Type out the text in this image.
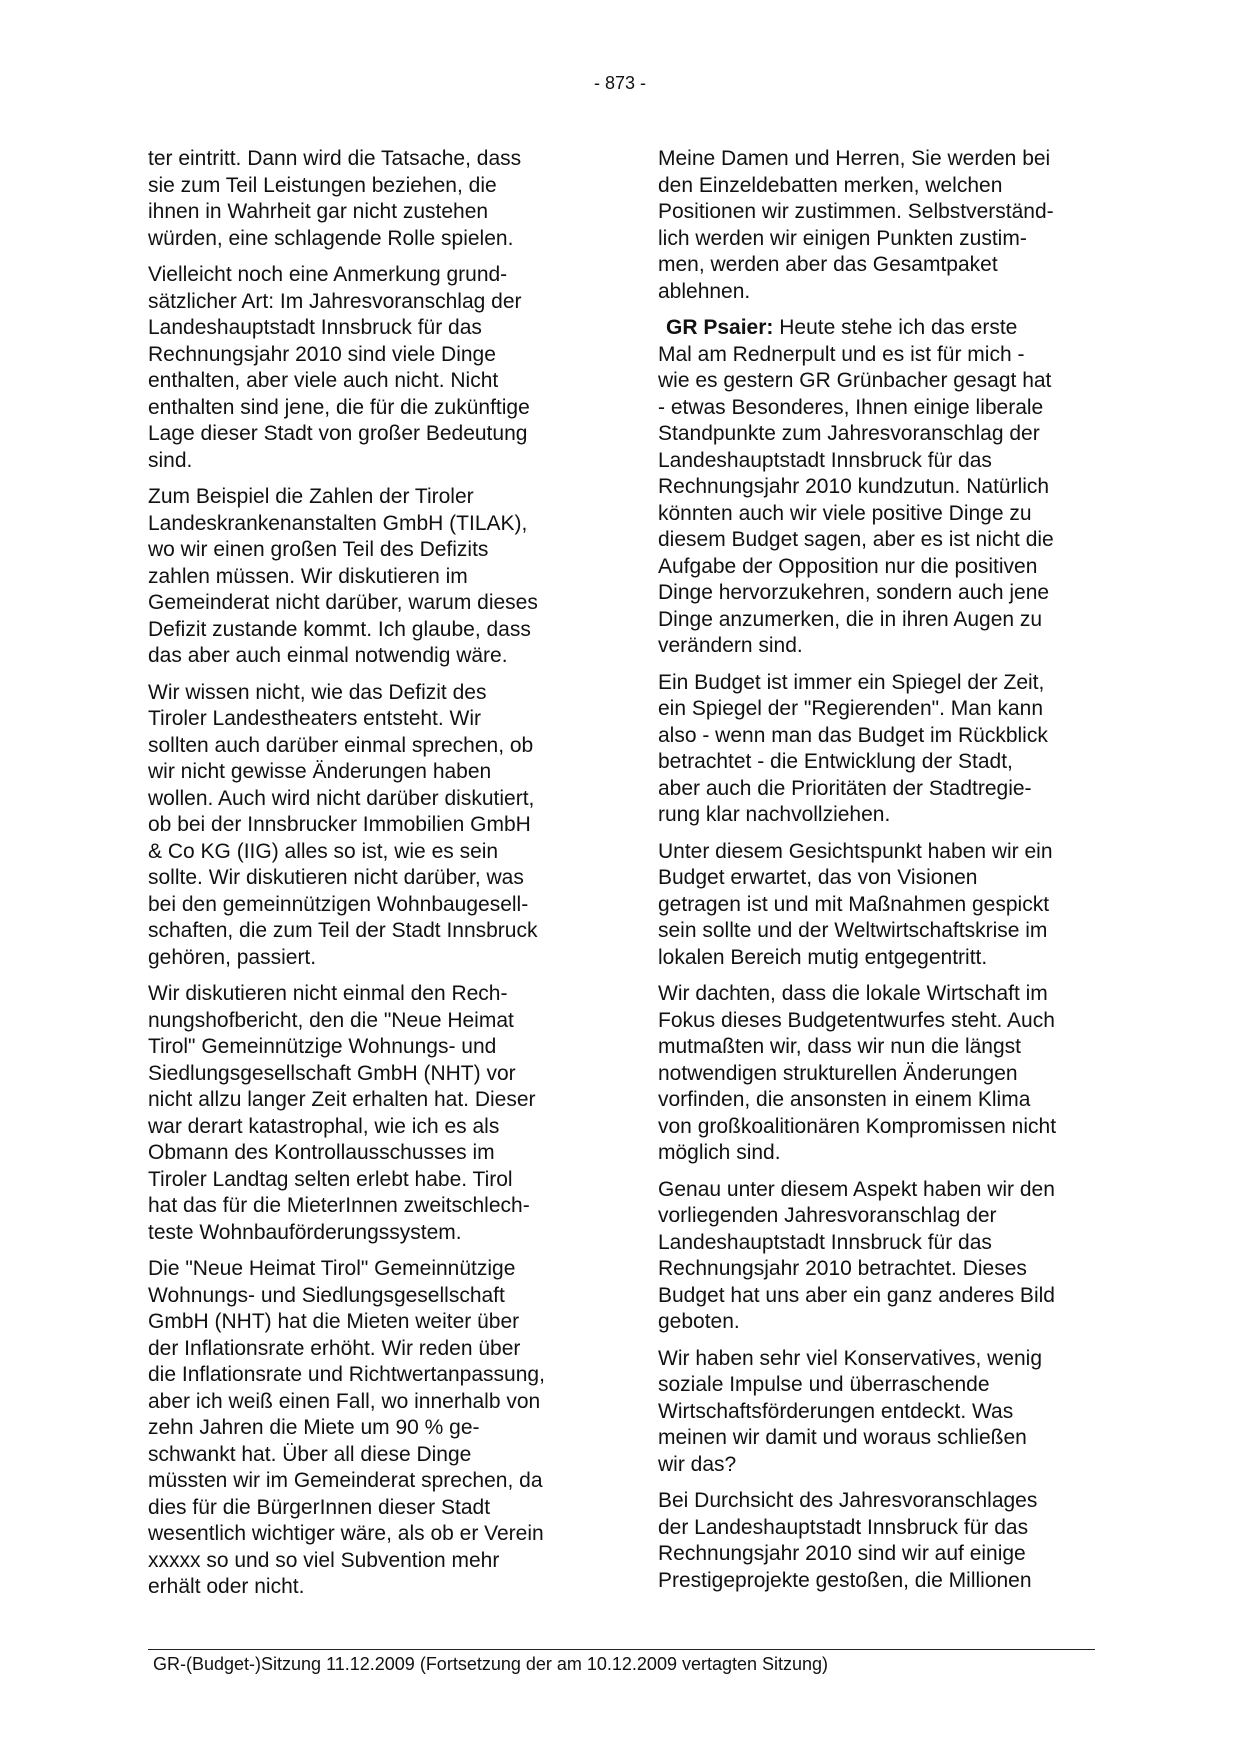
- 873 -
ter eintritt. Dann wird die Tatsache, dass
sie zum Teil Leistungen beziehen, die
ihnen in Wahrheit gar nicht zustehen
würden, eine schlagende Rolle spielen.
Vielleicht noch eine Anmerkung grund-
sätzlicher Art: Im Jahresvoranschlag der
Landeshauptstadt Innsbruck für das
Rechnungsjahr 2010 sind viele Dinge
enthalten, aber viele auch nicht. Nicht
enthalten sind jene, die für die zukünftige
Lage dieser Stadt von großer Bedeutung
sind.
Zum Beispiel die Zahlen der Tiroler
Landeskrankenanstalten GmbH (TILAK),
wo wir einen großen Teil des Defizits
zahlen müssen. Wir diskutieren im
Gemeinderat nicht darüber, warum dieses
Defizit zustande kommt. Ich glaube, dass
das aber auch einmal notwendig wäre.
Wir wissen nicht, wie das Defizit des
Tiroler Landestheaters entsteht. Wir
sollten auch darüber einmal sprechen, ob
wir nicht gewisse Änderungen haben
wollen. Auch wird nicht darüber diskutiert,
ob bei der Innsbrucker Immobilien GmbH
& Co KG (IIG) alles so ist, wie es sein
sollte. Wir diskutieren nicht darüber, was
bei den gemeinnützigen Wohnbaugesell-
schaften, die zum Teil der Stadt Innsbruck
gehören, passiert.
Wir diskutieren nicht einmal den Rech-
nungshofbericht, den die "Neue Heimat
Tirol" Gemeinnützige Wohnungs- und
Siedlungsgesellschaft GmbH (NHT) vor
nicht allzu langer Zeit erhalten hat. Dieser
war derart katastrophal, wie ich es als
Obmann des Kontrollausschusses im
Tiroler Landtag selten erlebt habe. Tirol
hat das für die MieterInnen zweitschlech-
teste Wohnbauförderungssystem.
Die "Neue Heimat Tirol" Gemeinnützige
Wohnungs- und Siedlungsgesellschaft
GmbH (NHT) hat die Mieten weiter über
der Inflationsrate erhöht. Wir reden über
die Inflationsrate und Richtwertanpassung,
aber ich weiß einen Fall, wo innerhalb von
zehn Jahren die Miete um 90 % ge-
schwankt hat. Über all diese Dinge
müssten wir im Gemeinderat sprechen, da
dies für die BürgerInnen dieser Stadt
wesentlich wichtiger wäre, als ob er Verein
xxxxx so und so viel Subvention mehr
erhält oder nicht.
Meine Damen und Herren, Sie werden bei
den Einzeldebatten merken, welchen
Positionen wir zustimmen. Selbstverständ-
lich werden wir einigen Punkten zustim-
men, werden aber das Gesamtpaket
ablehnen.
GR Psaier: Heute stehe ich das erste
Mal am Rednerpult und es ist für mich -
wie es gestern GR Grünbacher gesagt hat
- etwas Besonderes, Ihnen einige liberale
Standpunkte zum Jahresvoranschlag der
Landeshauptstadt Innsbruck für das
Rechnungsjahr 2010 kundzutun. Natürlich
könnten auch wir viele positive Dinge zu
diesem Budget sagen, aber es ist nicht die
Aufgabe der Opposition nur die positiven
Dinge hervorzukehren, sondern auch jene
Dinge anzumerken, die in ihren Augen zu
verändern sind.
Ein Budget ist immer ein Spiegel der Zeit,
ein Spiegel der "Regierenden". Man kann
also - wenn man das Budget im Rückblick
betrachtet - die Entwicklung der Stadt,
aber auch die Prioritäten der Stadtregie-
rung klar nachvollziehen.
Unter diesem Gesichtspunkt haben wir ein
Budget erwartet, das von Visionen
getragen ist und mit Maßnahmen gespickt
sein sollte und der Weltwirtschaftskrise im
lokalen Bereich mutig entgegentritt.
Wir dachten, dass die lokale Wirtschaft im
Fokus dieses Budgetentwurfes steht. Auch
mutmaßten wir, dass wir nun die längst
notwendigen strukturellen Änderungen
vorfinden, die ansonsten in einem Klima
von großkoalitionären Kompromissen nicht
möglich sind.
Genau unter diesem Aspekt haben wir den
vorliegenden Jahresvoranschlag der
Landeshauptstadt Innsbruck für das
Rechnungsjahr 2010 betrachtet. Dieses
Budget hat uns aber ein ganz anderes Bild
geboten.
Wir haben sehr viel Konservatives, wenig
soziale Impulse und überraschende
Wirtschaftsförderungen entdeckt. Was
meinen wir damit und woraus schließen
wir das?
Bei Durchsicht des Jahresvoranschlages
der Landeshauptstadt Innsbruck für das
Rechnungsjahr 2010 sind wir auf einige
Prestigeprojekte gestoßen, die Millionen
GR-(Budget-)Sitzung 11.12.2009 (Fortsetzung der am 10.12.2009 vertagten Sitzung)
